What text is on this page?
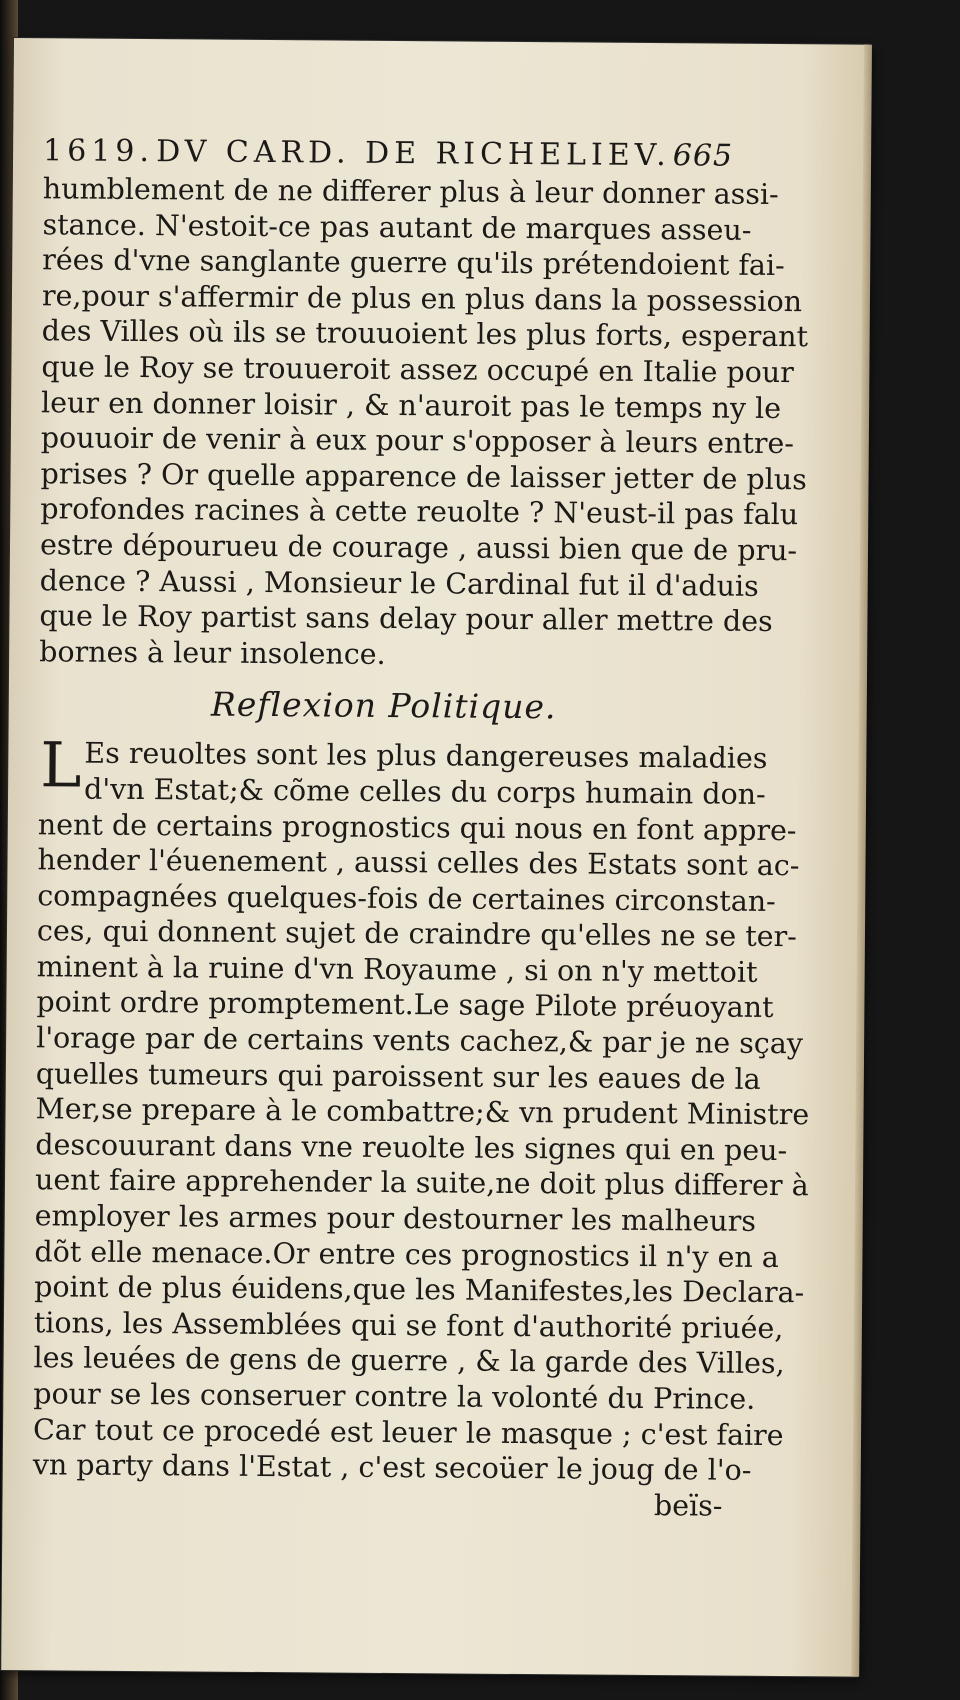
1619. DV CARD. DE RICHELIEV. 665
humblement de ne differer plus à leur donner assi-
stance. N'estoit-ce pas autant de marques asseu-
rées d'vne sanglante guerre qu'ils prétendoient fai-
re,pour s'affermir de plus en plus dans la possession
des Villes où ils se trouuoient les plus forts, esperant
que le Roy se trouueroit assez occupé en Italie pour
leur en donner loisir , & n'auroit pas le temps ny le
pouuoir de venir à eux pour s'opposer à leurs entre-
prises ? Or quelle apparence de laisser jetter de plus
profondes racines à cette reuolte ? N'eust-il pas falu
estre dépourueu de courage , aussi bien que de pru-
dence ? Aussi , Monsieur le Cardinal fut il d'aduis
que le Roy partist sans delay pour aller mettre des
bornes à leur insolence.
Reflexion Politique.
L Es reuoltes sont les plus dangereuses maladies
d'vn Estat;& cõme celles du corps humain don-
nent de certains prognostics qui nous en font appre-
hender l'éuenement , aussi celles des Estats sont ac-
compagnées quelques-fois de certaines circonstan-
ces, qui donnent sujet de craindre qu'elles ne se ter-
minent à la ruine d'vn Royaume , si on n'y mettoit
point ordre promptement.Le sage Pilote préuoyant
l'orage par de certains vents cachez,& par je ne sçay
quelles tumeurs qui paroissent sur les eaues de la
Mer,se prepare à le combattre;& vn prudent Ministre
descouurant dans vne reuolte les signes qui en peu-
uent faire apprehender la suite,ne doit plus differer à
employer les armes pour destourner les malheurs
dõt elle menace.Or entre ces prognostics il n'y en a
point de plus éuidens,que les Manifestes,les Declara-
tions, les Assemblées qui se font d'authorité priuée,
les leuées de gens de guerre , & la garde des Villes,
pour se les conseruer contre la volonté du Prince.
Car tout ce procedé est leuer le masque ; c'est faire
vn party dans l'Estat , c'est secoüer le joug de l'o-
beïs-
